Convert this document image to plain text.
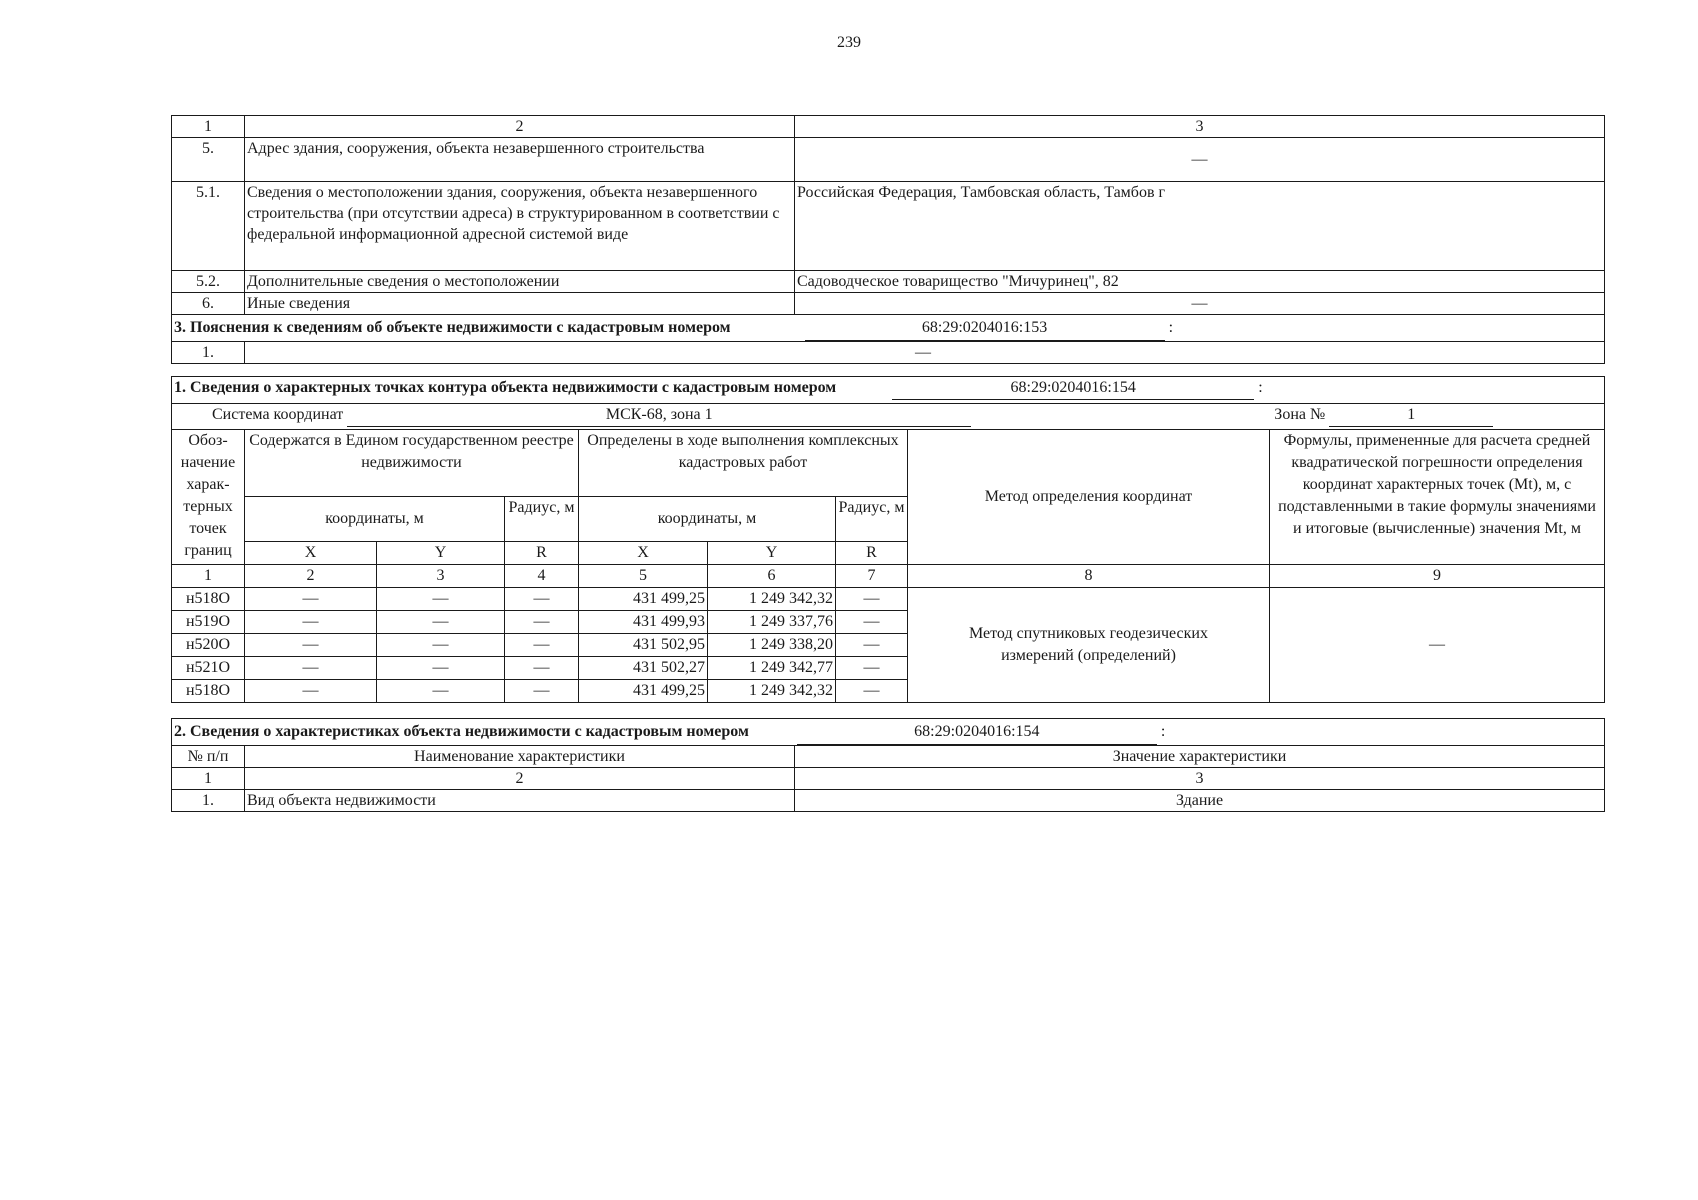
239
1	2	3
5.	Адрес здания, сооружения, объекта незавершенного строительства	—
5.1.	Сведения о местоположении здания, сооружения, объекта незавершенного строительства (при отсутствии адреса) в структурированном в соответствии с федеральной информационной адресной системой виде	Российская Федерация, Тамбовская область, Тамбов г
5.2.	Дополнительные сведения о местоположении	Садоводческое товарищество "Мичуринец", 82
6.	Иные сведения	—
3. Пояснения к сведениям об объекте недвижимости с кадастровым номером 68:29:0204016:153 :		
1.	—	
1. Сведения о характерных точках контура объекта недвижимости с кадастровым номером 68:29:0204016:154 :								
Система координат МСК-68, зона 1 Зона № 1								
Обоз-начение харак-терных точек границ	Содержатся в Едином государственном реестре недвижимости			Определены в ходе выполнения комплексных кадастровых работ			Метод определения координат	Формулы, примененные для расчета средней квадратической погрешности определения координат характерных точек (Mt), м, с подставленными в такие формулы значениями и итоговые (вычисленные) значения Mt, м
	координаты, м		Радиус, м	координаты, м		Радиус, м		
	X	Y	R	X	Y	R		
1	2	3	4	5	6	7	8	9
н518О	—	—	—	431 499,25	1 249 342,32	—	Метод спутниковых геодезических измерений (определений)	—
н519О	—	—	—	431 499,93	1 249 337,76	—		
н520О	—	—	—	431 502,95	1 249 338,20	—		
н521О	—	—	—	431 502,27	1 249 342,77	—		
н518О	—	—	—	431 499,25	1 249 342,32	—		
2. Сведения о характеристиках объекта недвижимости с кадастровым номером 68:29:0204016:154 :		
№ п/п	Наименование характеристики	Значение характеристики
1	2	3
1.	Вид объекта недвижимости	Здание
